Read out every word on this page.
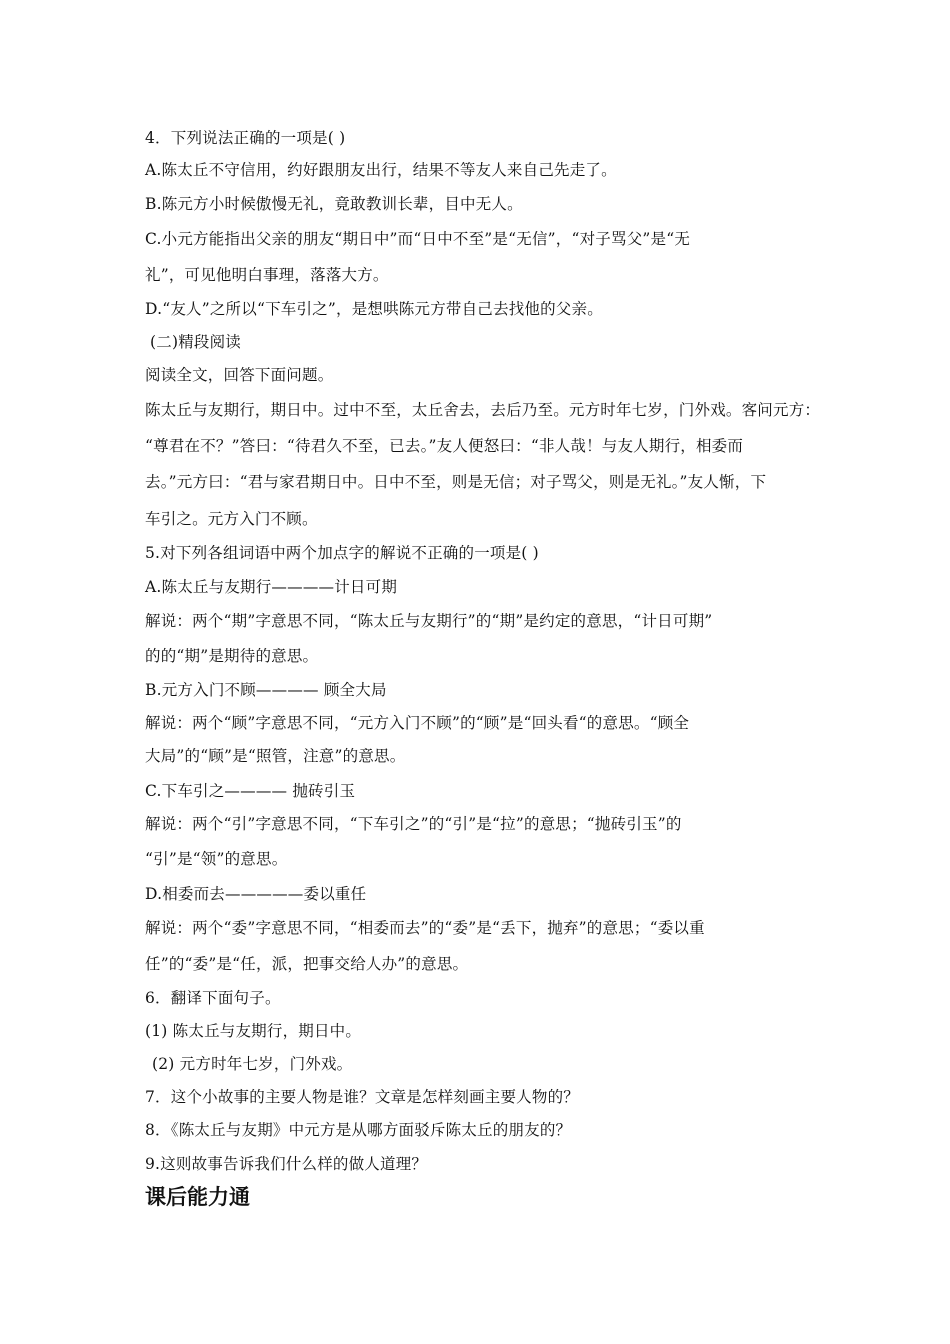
4．下列说法正确的一项是( )
A.陈太丘不守信用，约好跟朋友出行，结果不等友人来自己先走了。
B.陈元方小时候傲慢无礼，竟敢教训长辈，目中无人。
C.小元方能指出父亲的朋友“期日中”而“日中不至”是“无信”，“对子骂父”是“无
礼”，可见他明白事理，落落大方。
D.“友人”之所以“下车引之”，是想哄陈元方带自己去找他的父亲。
(二)精段阅读
阅读全文，回答下面问题。
陈太丘与友期行，期日中。过中不至，太丘舍去，去后乃至。元方时年七岁，门外戏。客问元方：
“尊君在不？”答曰：“待君久不至，已去。”友人便怒曰：“非人哉！与友人期行，相委而
去。”元方曰：“君与家君期日中。日中不至，则是无信；对子骂父，则是无礼。”友人惭，下
车引之。元方入门不顾。
5.对下列各组词语中两个加点字的解说不正确的一项是( )
A.陈太丘与友期行————计日可期
解说：两个“期”字意思不同，“陈太丘与友期行”的“期”是约定的意思，“计日可期”
的的“期”是期待的意思。
B.元方入门不顾———— 顾全大局
解说：两个“顾”字意思不同，“元方入门不顾”的“顾”是“回头看“的意思。“顾全
大局”的“顾”是“照管，注意”的意思。
C.下车引之———— 抛砖引玉
解说：两个“引”字意思不同，“下车引之”的“引”是“拉”的意思；“抛砖引玉”的
“引”是“领”的意思。
D.相委而去—————委以重任
解说：两个“委”字意思不同，“相委而去”的“委”是“丢下，抛弃”的意思；“委以重
任”的“委”是“任，派，把事交给人办”的意思。
6．翻译下面句子。
(1) 陈太丘与友期行，期日中。
(2) 元方时年七岁，门外戏。
7．这个小故事的主要人物是谁？文章是怎样刻画主要人物的？
8．《陈太丘与友期》中元方是从哪方面驳斥陈太丘的朋友的？
9.这则故事告诉我们什么样的做人道理？
课后能力通
